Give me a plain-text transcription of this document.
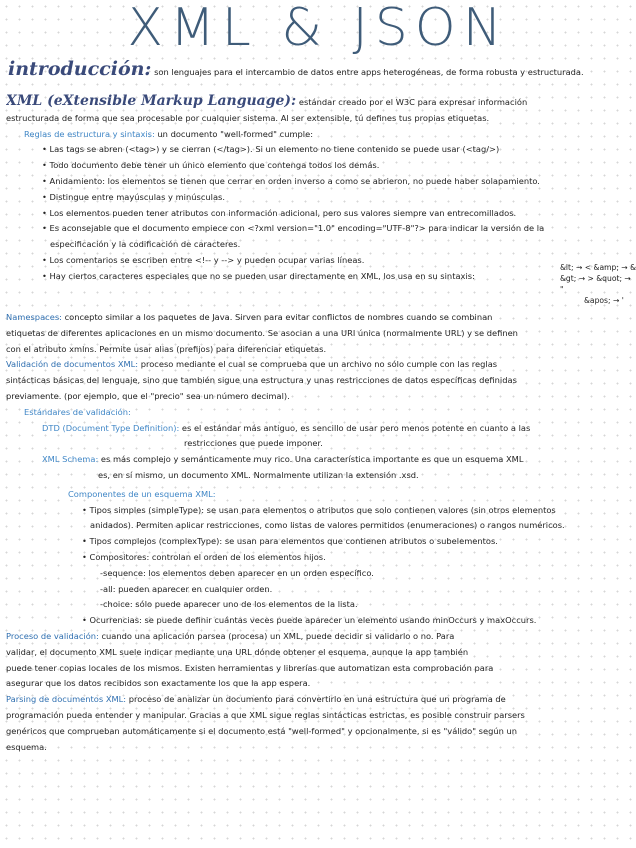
XML & JSON
introducción: son lenguajes para el intercambio de datos entre apps heterogéneas, de forma robusta y estructurada.
XML (eXtensible Markup Language): estándar creado por el W3C para expresar información
estructurada de forma que sea procesable por cualquier sistema. Al ser extensible, tú defines tus propias etiquetas.
Reglas de estructura y sintaxis: un documento "well-formed" cumple:
• Las tags se abren (<tag>) y se cierran (</tag>). Si un elemento no tiene contenido se puede usar (<tag/>)
• Todo documento debe tener un único elemento que contenga todos los demás.
• Anidamiento: los elementos se tienen que cerrar en orden inverso a como se abrieron, no puede haber solapamiento.
• Distingue entre mayúsculas y minúsculas.
• Los elementos pueden tener atributos con información adicional, pero sus valores siempre van entrecomillados.
• Es aconsejable que el documento empiece con <?xml version="1.0" encoding="UTF-8"?> para indicar la versión de la
especificación y la codificación de caracteres.
• Los comentarios se escriben entre <!-- y --> y pueden ocupar varias líneas.
• Hay ciertos caracteres especiales que no se pueden usar directamente en XML, los usa en su sintaxis:
&lt; → < &amp; → &
&gt; → > &quot; → "
&apos; → '
Namespaces: concepto similar a los paquetes de Java. Sirven para evitar conflictos de nombres cuando se combinan
etiquetas de diferentes aplicaciones en un mismo documento. Se asocian a una URI única (normalmente URL) y se definen
con el atributo xmlns. Permite usar alias (prefijos) para diferenciar etiquetas.
Validación de documentos XML: proceso mediante el cual se comprueba que un archivo no sólo cumple con las reglas
sintácticas básicas del lenguaje, sino que también sigue una estructura y unas restricciones de datos específicas definidas
previamente. (por ejemplo, que el "precio" sea un número decimal).
Estándares de validación:
DTD (Document Type Definition): es el estándar más antiguo, es sencillo de usar pero menos potente en cuanto a las
restricciones que puede imponer.
XML Schema: es más complejo y semánticamente muy rico. Una característica importante es que un esquema XML
es, en sí mismo, un documento XML. Normalmente utilizan la extensión .xsd.
Componentes de un esquema XML:
• Tipos simples (simpleType): se usan para elementos o atributos que solo contienen valores (sin otros elementos
anidados). Permiten aplicar restricciones, como listas de valores permitidos (enumeraciones) o rangos numéricos.
• Tipos complejos (complexType): se usan para elementos que contienen atributos o subelementos.
• Compositores: controlan el orden de los elementos hijos.
-sequence: los elementos deben aparecer en un orden específico.
-all: pueden aparecer en cualquier orden.
-choice: sólo puede aparecer uno de los elementos de la lista.
• Ocurrencias: se puede definir cuántas veces puede aparecer un elemento usando minOccurs y maxOccurs.
Proceso de validación: cuando una aplicación parsea (procesa) un XML, puede decidir si validarlo o no. Para
validar, el documento XML suele indicar mediante una URL dónde obtener el esquema, aunque la app también
puede tener copias locales de los mismos. Existen herramientas y librerías que automatizan esta comprobación para
asegurar que los datos recibidos son exactamente los que la app espera.
Parsing de documentos XML: proceso de analizar un documento para convertirlo en una estructura que un programa de
programación pueda entender y manipular. Gracias a que XML sigue reglas sintácticas estrictas, es posible construir parsers
genéricos que comprueban automáticamente si el documento está "well-formed" y opcionalmente, si es "válido" según un
esquema.
